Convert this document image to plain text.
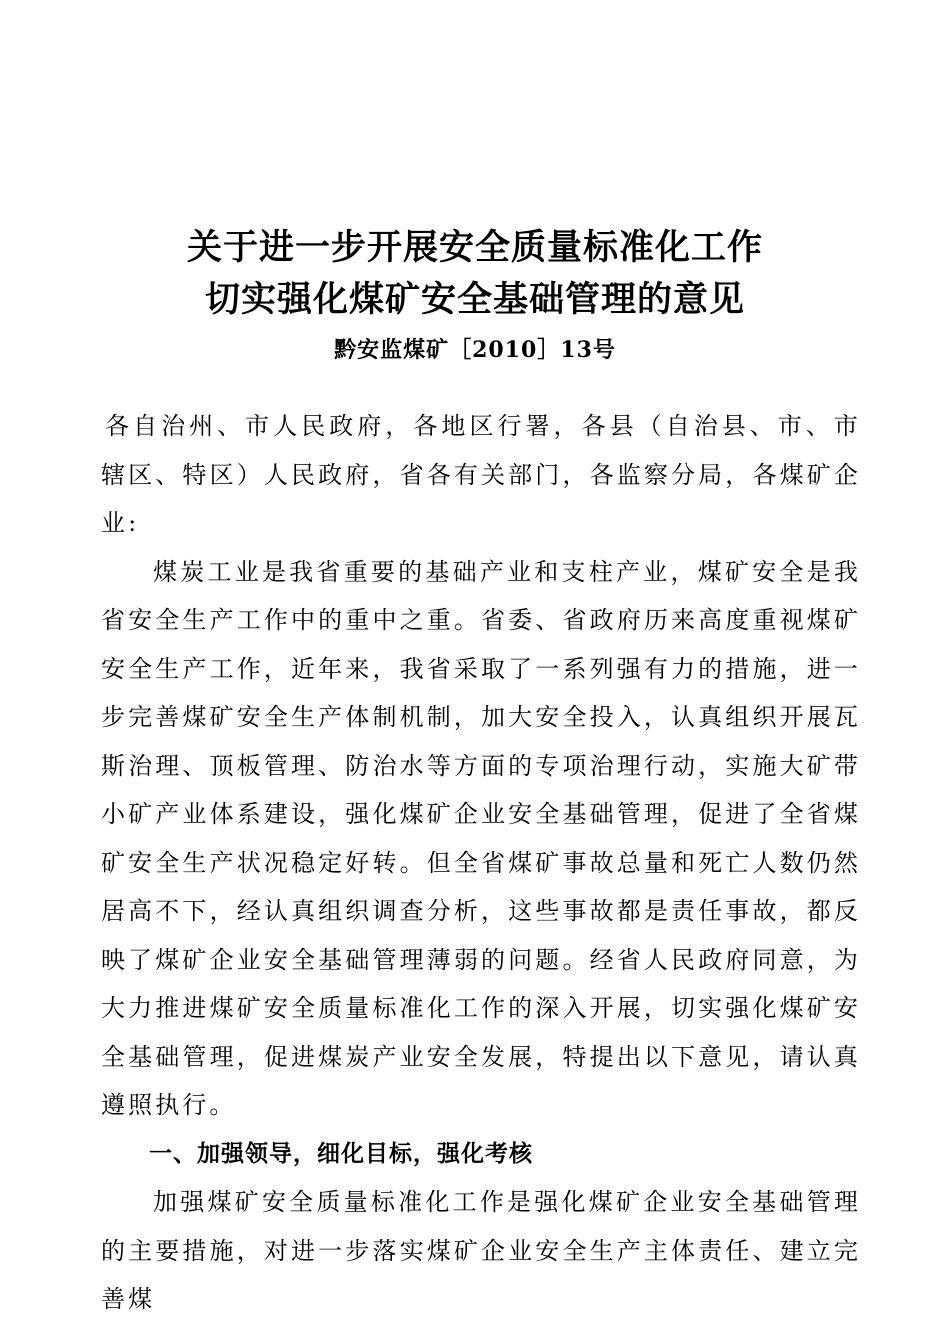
关于进一步开展安全质量标准化工作
切实强化煤矿安全基础管理的意见
黔安监煤矿［2010］13号

各自治州、市人民政府，各地区行署，各县（自治县、市、市辖区、特区）人民政府，省各有关部门，各监察分局，各煤矿企业:

煤炭工业是我省重要的基础产业和支柱产业，煤矿安全是我省安全生产工作中的重中之重。省委、省政府历来高度重视煤矿安全生产工作，近年来，我省采取了一系列强有力的措施，进一步完善煤矿安全生产体制机制，加大安全投入，认真组织开展瓦斯治理、顶板管理、防治水等方面的专项治理行动，实施大矿带小矿产业体系建设，强化煤矿企业安全基础管理，促进了全省煤矿安全生产状况稳定好转。但全省煤矿事故总量和死亡人数仍然居高不下，经认真组织调查分析，这些事故都是责任事故，都反映了煤矿企业安全基础管理薄弱的问题。经省人民政府同意，为大力推进煤矿安全质量标准化工作的深入开展，切实强化煤矿安全基础管理，促进煤炭产业安全发展，特提出以下意见，请认真遵照执行。

一、加强领导，细化目标，强化考核

加强煤矿安全质量标准化工作是强化煤矿企业安全基础管理的主要措施，对进一步落实煤矿企业安全生产主体责任、建立完善煤
